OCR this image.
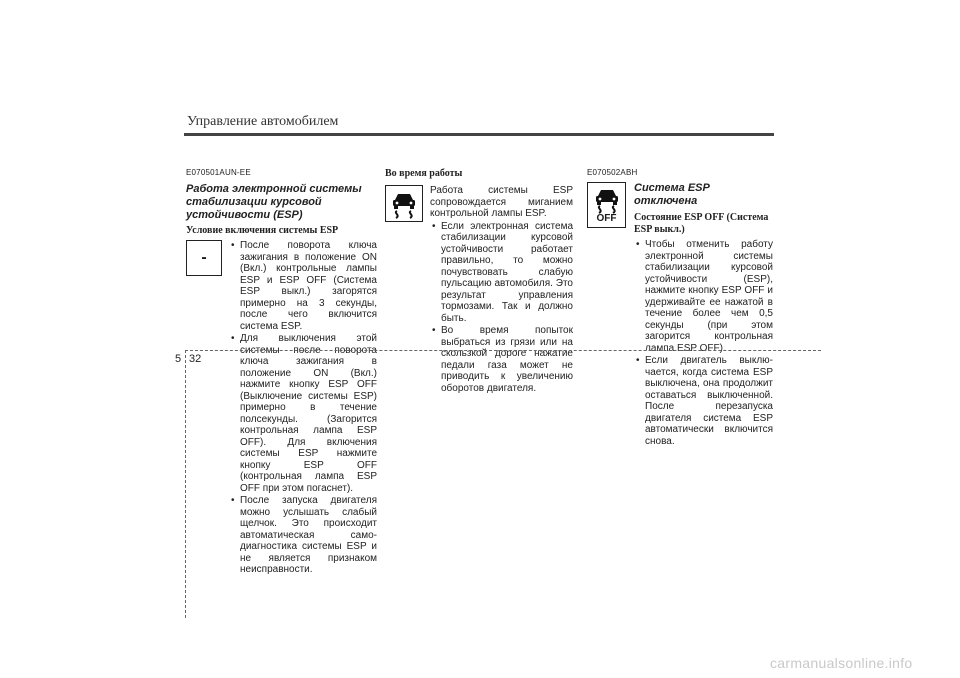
Управление автомобилем
E070501AUN-EE
Работа электронной системы стабилизации курсовой устойчивости (ESP)
Условие включения системы ESP
-
• После поворота ключа зажигания в положение ON (Вкл.) контрольные лампы ESP и ESP OFF (Система ESP выкл.) загорятся примерно на 3 секунды, после чего включится система ESP.
• Для выключения этой системы после поворота ключа зажигания в положение ON (Вкл.) нажмите кнопку ESP OFF (Выключение системы ESP) примерно в течение полсекунды. (Загорится контрольная лампа ESP OFF). Для включения системы ESP нажмите кнопку ESP OFF (контрольная лампа ESP OFF при этом погаснет).
• После запуска двигателя можно услышать слабый щелчок. Это происходит автоматическая само-диагностика системы ESP и не является признаком неисправности.
Во время работы
Работа системы ESP сопровождается миганием контрольной лампы ESP.
• Если электронная система стабилизации курсовой устойчивости работает правильно, то можно почувствовать слабую пульсацию автомобиля. Это результат управления тормозами. Так и должно быть.
• Во время попыток выбраться из грязи или на скользкой дороге нажатие педали газа может не приводить к увеличению оборотов двигателя.
E070502ABH
OFF
Система ESP отключена
Состояние ESP OFF (Система ESP выкл.)
• Чтобы отменить работу электронной системы стабилизации курсовой устойчивости (ESP), нажмите кнопку ESP OFF и удерживайте ее нажатой в течение более чем 0,5 секунды (при этом загорится контрольная лампа ESP OFF).
• Если двигатель выклю-чается, когда система ESP выключена, она продолжит оставаться выключенной. После перезапуска двигателя система ESP автоматически включится снова.
5 32
carmanualsonline.info
